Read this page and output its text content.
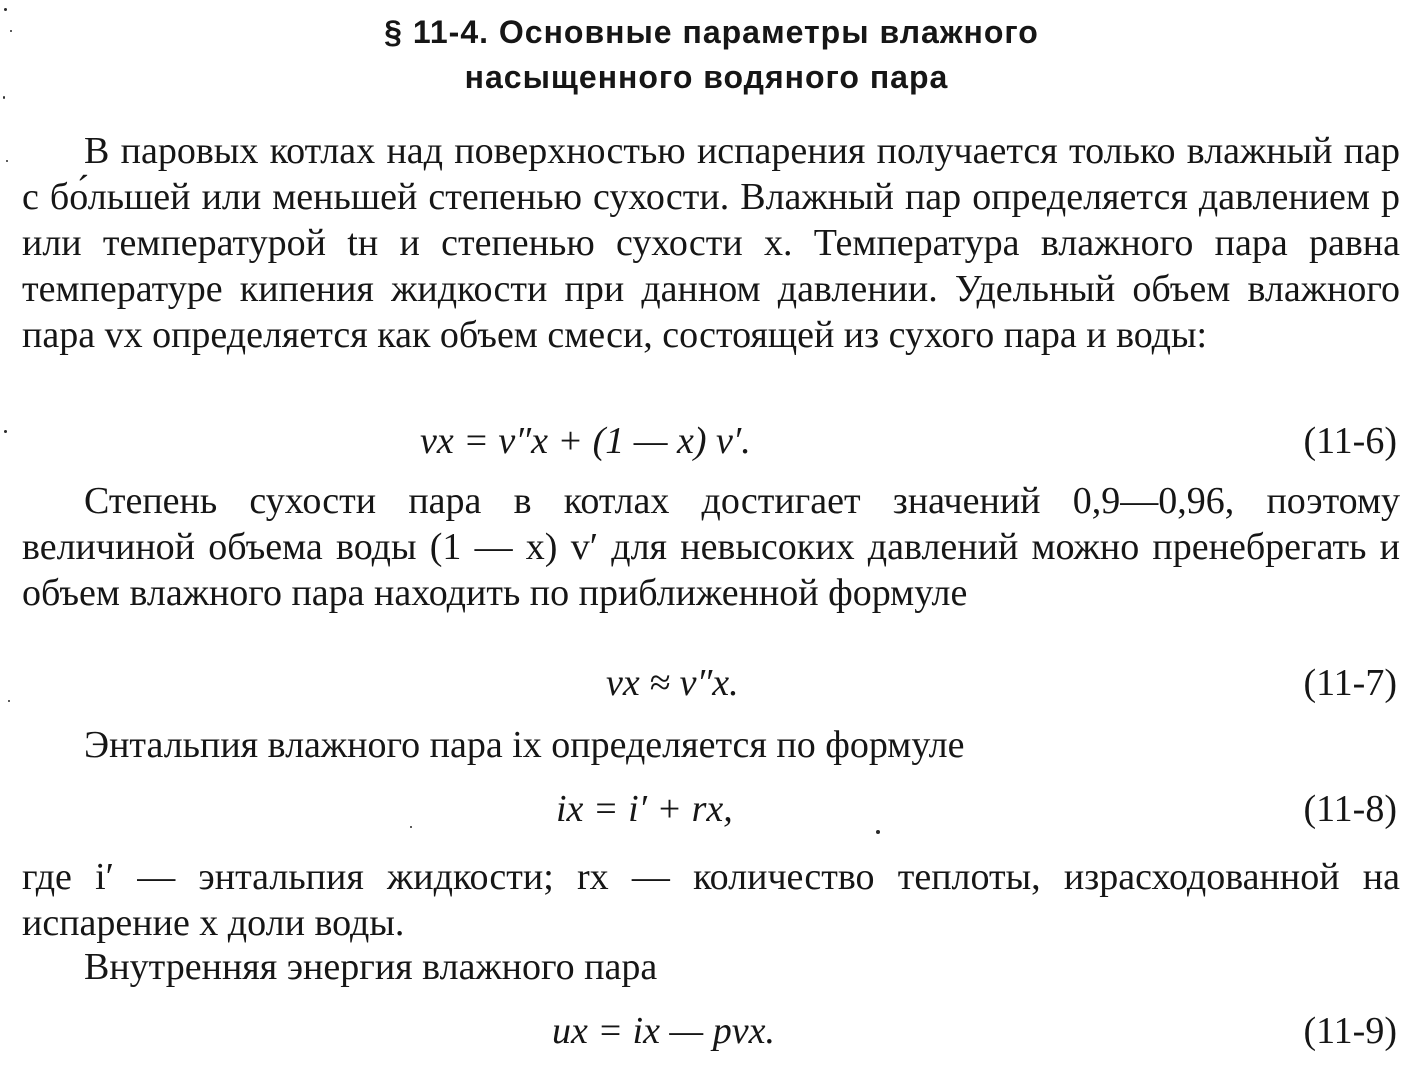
§ 11-4. Основные параметры влажного
насыщенного водяного пара

В паровых котлах над поверхностью испарения получается только влажный пар с бо́льшей или меньшей степенью сухости. Влажный пар определяется давлением p или температурой tн и степенью сухости x. Температура влажного пара равна температуре кипения жидкости при данном давлении. Удельный объем влажного пара vx определяется как объем смеси, состоящей из сухого пара и воды:

vx = v″x + (1 — x) v′.	(11-6)

Степень сухости пара в котлах достигает значений 0,9—0,96, поэтому величиной объема воды (1 — x) v′ для невысоких давлений можно пренебрегать и объем влажного пара находить по приближенной формуле

vx ≈ v″x.	(11-7)

Энтальпия влажного пара ix определяется по формуле

ix = i′ + rx,	(11-8)

где i′ — энтальпия жидкости; rx — количество теплоты, израсходованной на испарение x доли воды.

Внутренняя энергия влажного пара

ux = ix — pvx.	(11-9)
